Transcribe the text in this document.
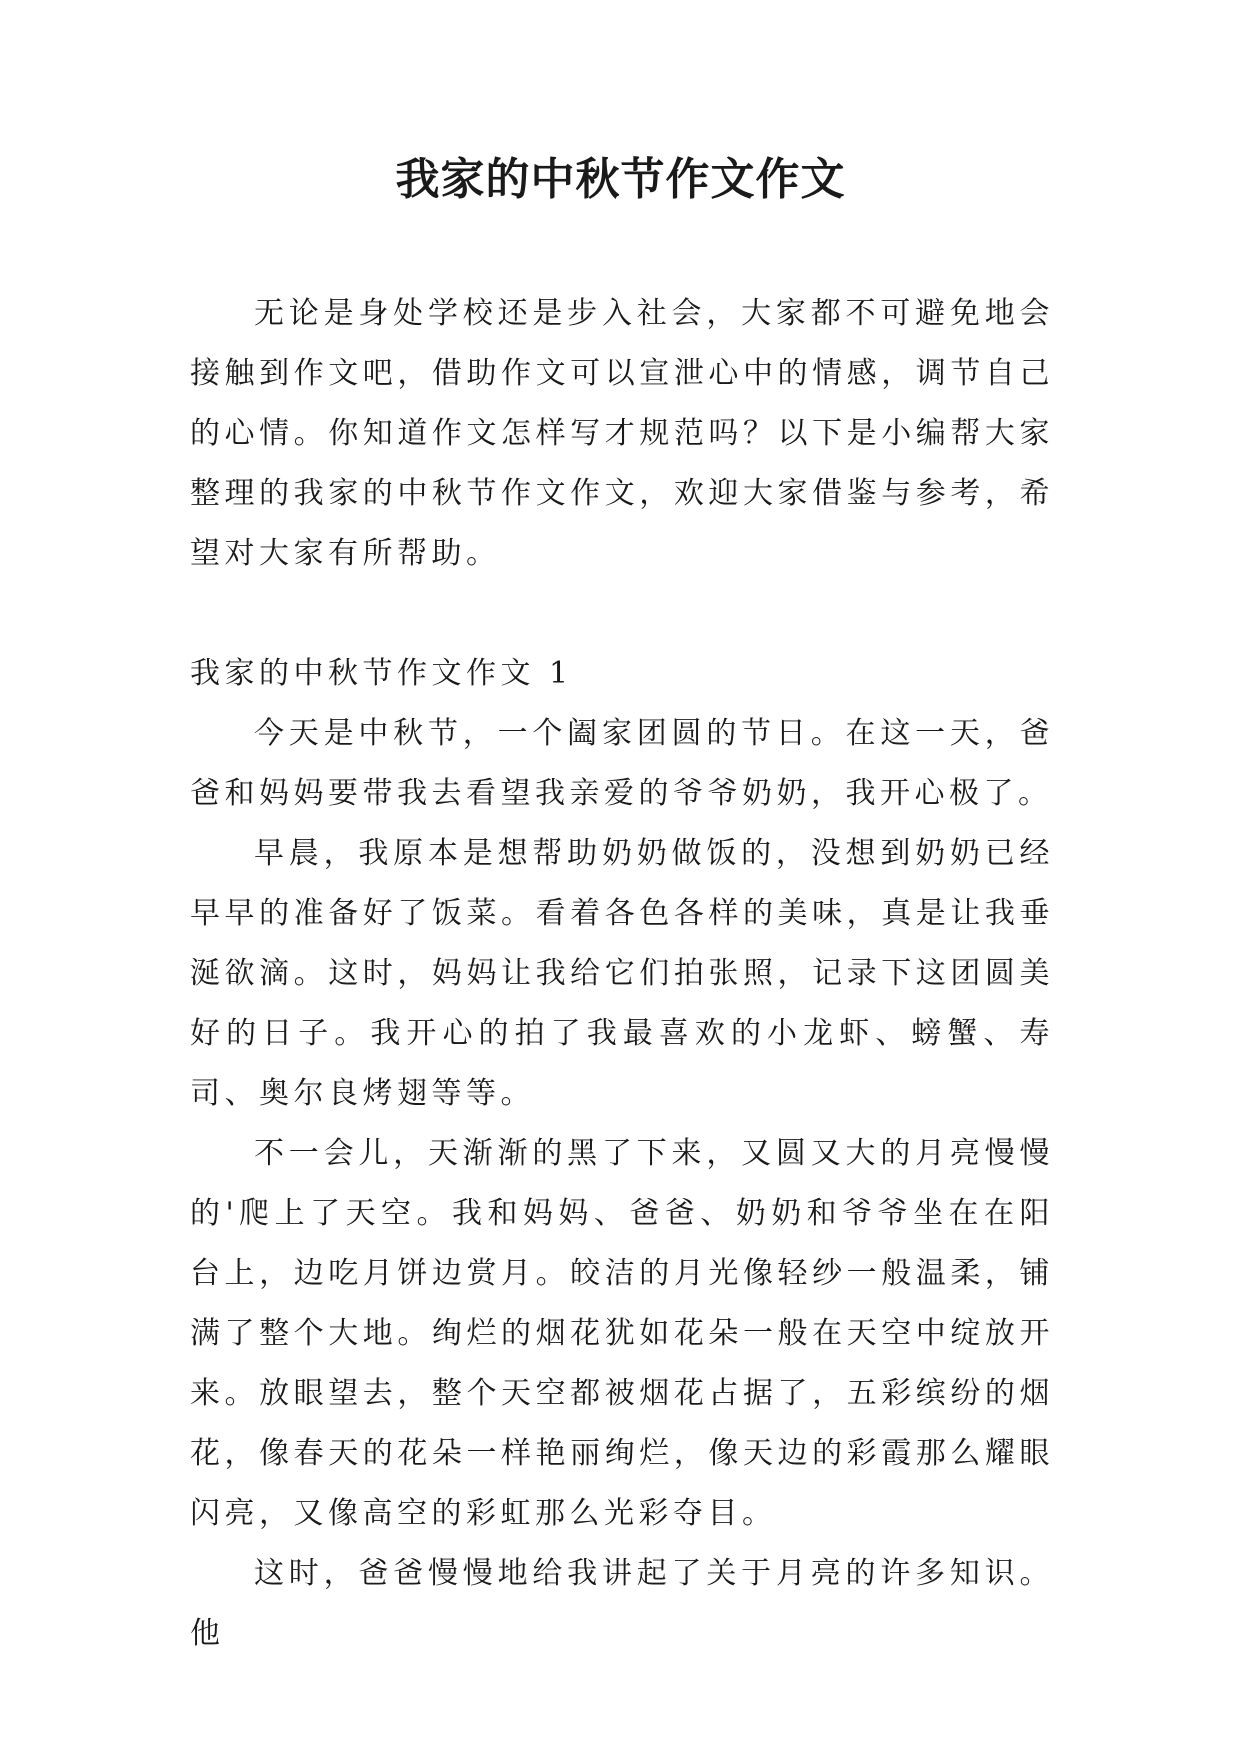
我家的中秋节作文作文

无论是身处学校还是步入社会，大家都不可避免地会接触到作文吧，借助作文可以宣泄心中的情感，调节自己的心情。你知道作文怎样写才规范吗？以下是小编帮大家整理的我家的中秋节作文作文，欢迎大家借鉴与参考，希望对大家有所帮助。

我家的中秋节作文作文 1

今天是中秋节，一个阖家团圆的节日。在这一天，爸爸和妈妈要带我去看望我亲爱的爷爷奶奶，我开心极了。

早晨，我原本是想帮助奶奶做饭的，没想到奶奶已经早早的准备好了饭菜。看着各色各样的美味，真是让我垂涎欲滴。这时，妈妈让我给它们拍张照，记录下这团圆美好的日子。我开心的拍了我最喜欢的小龙虾、螃蟹、寿司、奥尔良烤翅等等。

不一会儿，天渐渐的黑了下来，又圆又大的月亮慢慢的'爬上了天空。我和妈妈、爸爸、奶奶和爷爷坐在在阳台上，边吃月饼边赏月。皎洁的月光像轻纱一般温柔，铺满了整个大地。绚烂的烟花犹如花朵一般在天空中绽放开来。放眼望去，整个天空都被烟花占据了，五彩缤纷的烟花，像春天的花朵一样艳丽绚烂，像天边的彩霞那么耀眼闪亮，又像高空的彩虹那么光彩夺目。

这时，爸爸慢慢地给我讲起了关于月亮的许多知识。他
